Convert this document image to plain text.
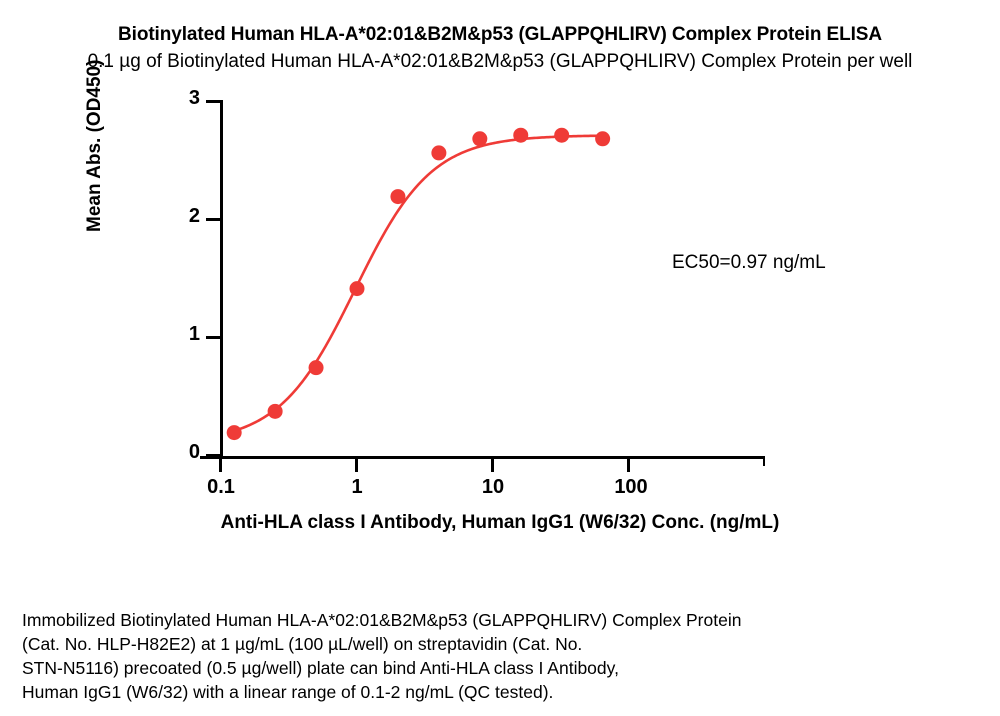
Biotinylated Human HLA-A*02:01&B2M&p53 (GLAPPQHLIRV) Complex Protein ELISA
0.1 µg of Biotinylated Human HLA-A*02:01&B2M&p53 (GLAPPQHLIRV) Complex Protein per well
0
1
2
3
Mean Abs. (OD450)
0.1	1	10	100
Anti-HLA class I Antibody, Human IgG1 (W6/32) Conc. (ng/mL)
EC50=0.97 ng/mL
Immobilized Biotinylated Human HLA-A*02:01&B2M&p53 (GLAPPQHLIRV) Complex Protein
(Cat. No. HLP-H82E2) at 1 µg/mL (100 µL/well) on streptavidin (Cat. No.
STN-N5116) precoated (0.5 µg/well) plate can bind Anti-HLA class I Antibody,
Human IgG1 (W6/32) with a linear range of 0.1-2 ng/mL (QC tested).
